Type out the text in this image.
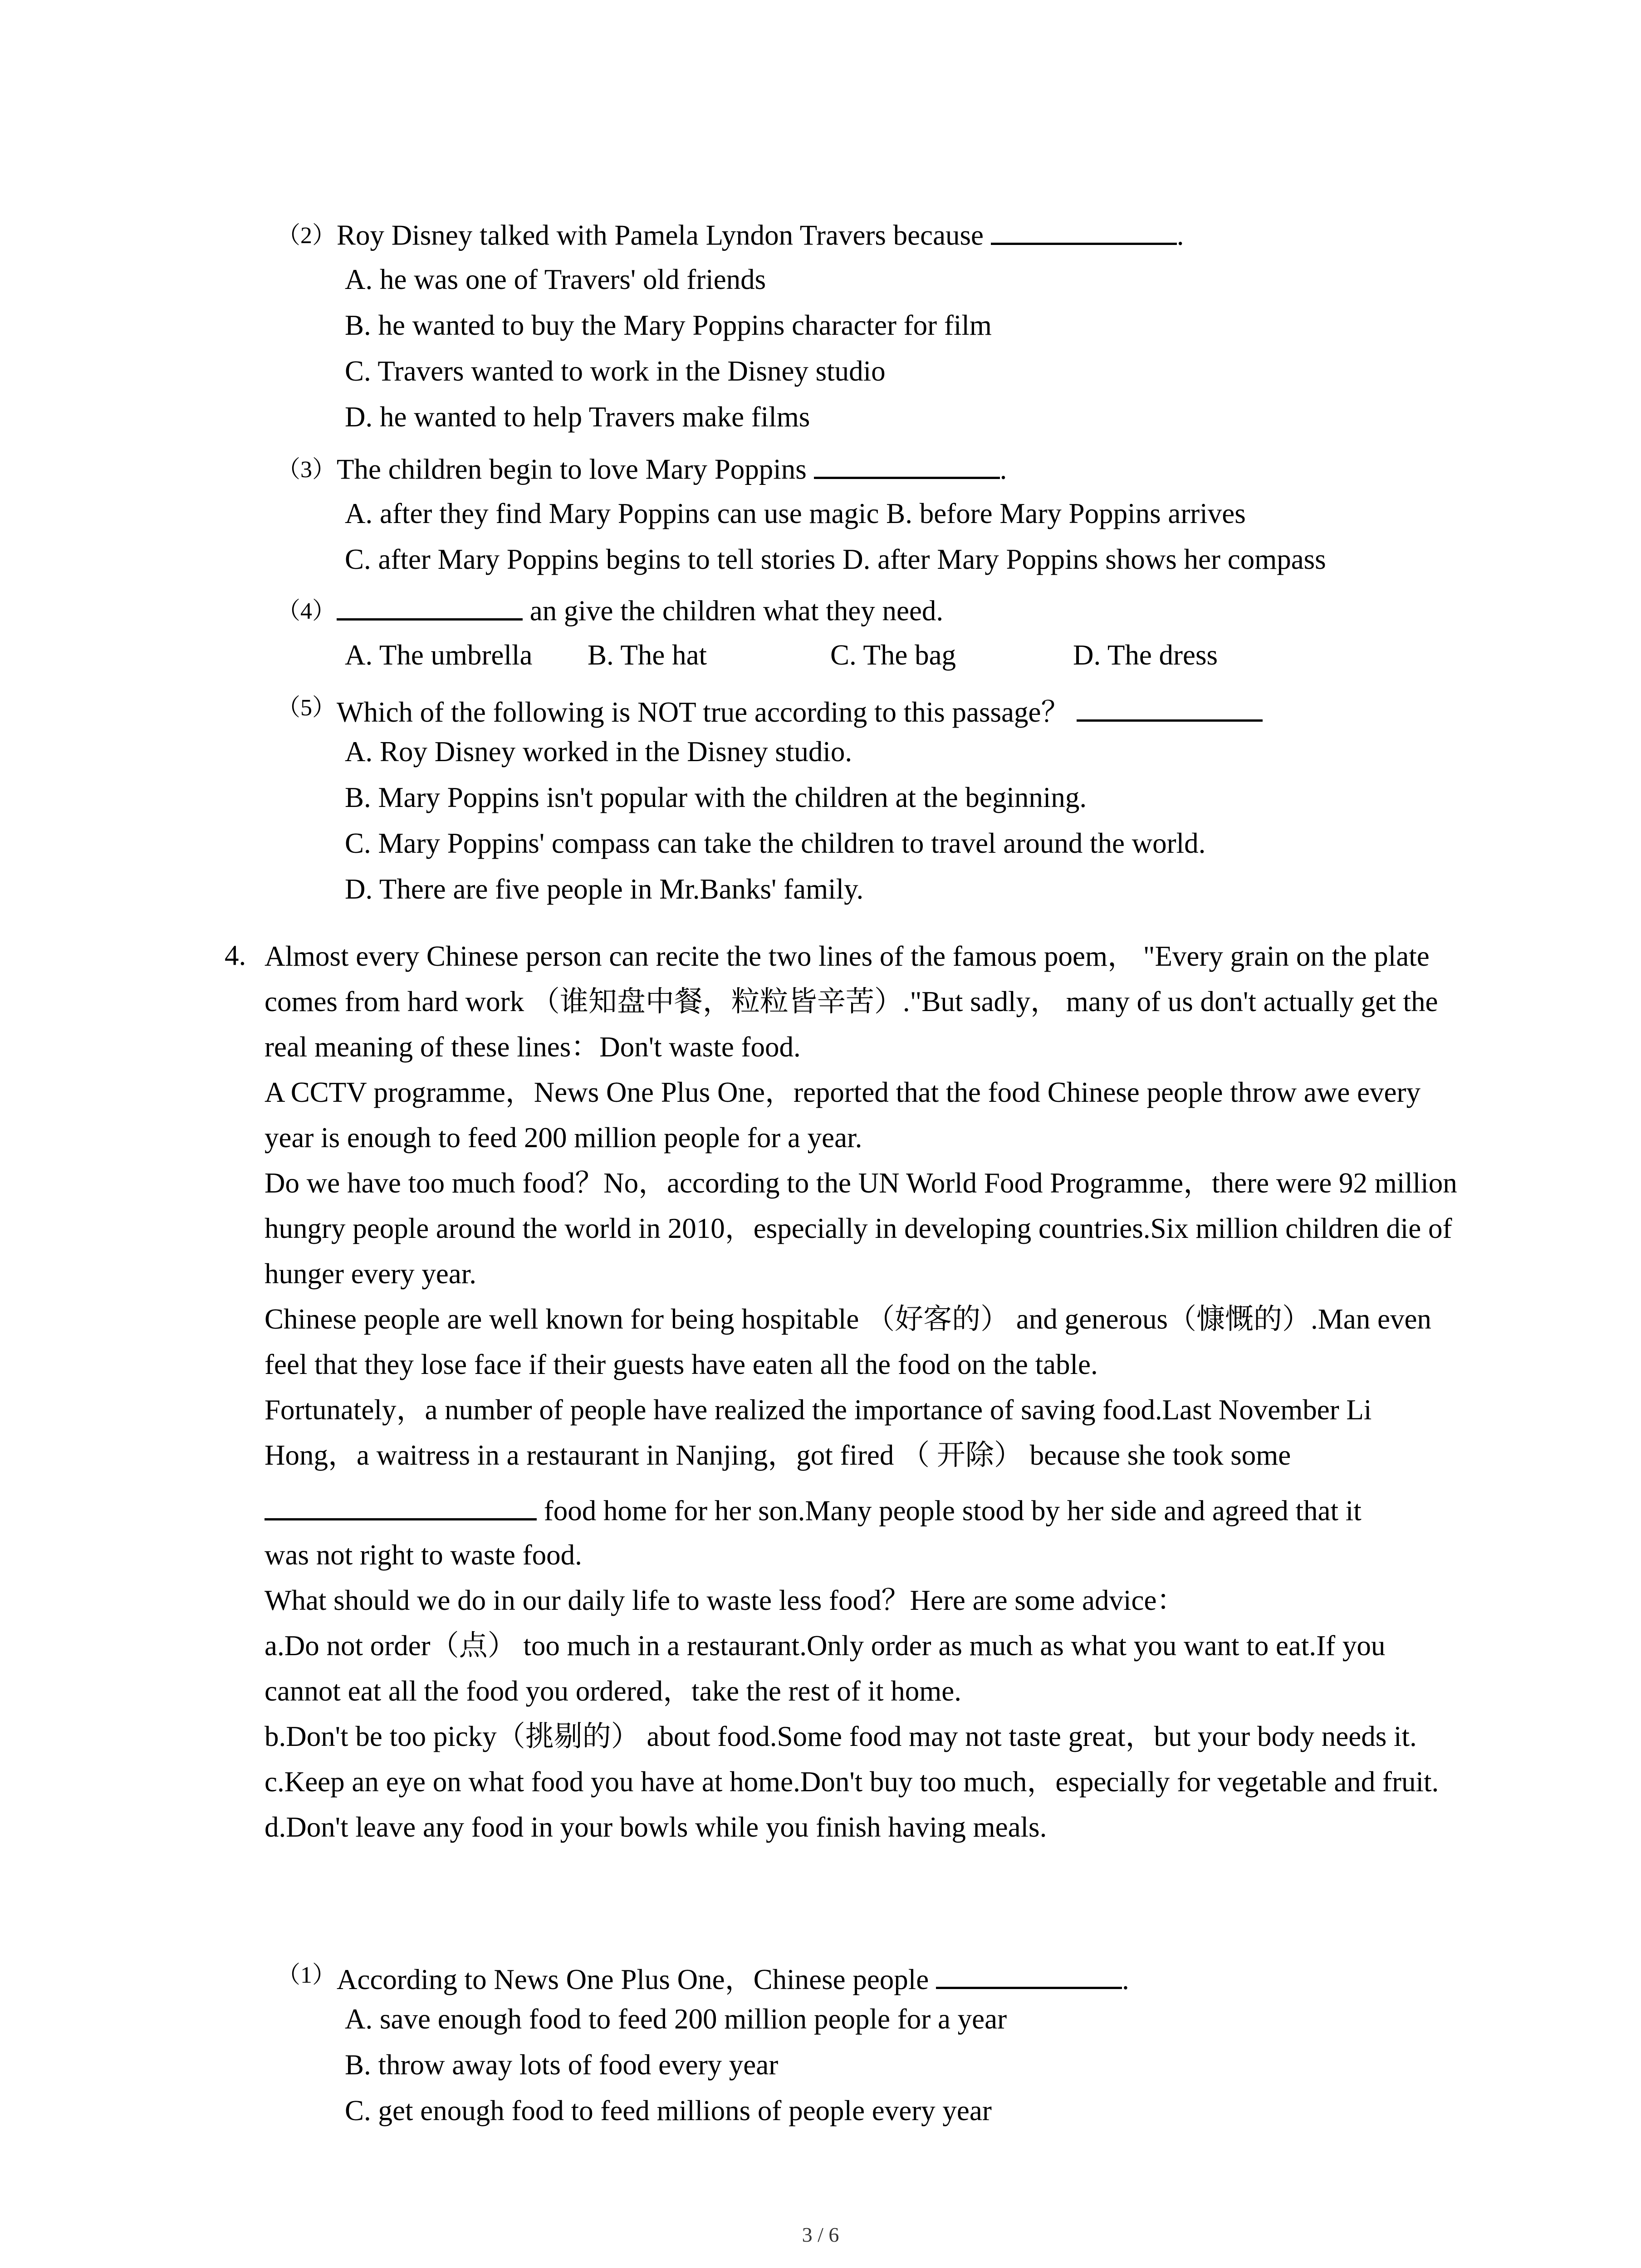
（2） Roy Disney talked with Pamela Lyndon Travers because	.
A. he was one of Travers' old friends
B. he wanted to buy the Mary Poppins character for film
C. Travers wanted to work in the Disney studio
D. he wanted to help Travers make films
（3） The children begin to love Mary Poppins	.
A. after they find Mary Poppins can use magic B. before Mary Poppins arrives
C. after Mary Poppins begins to tell stories D. after Mary Poppins shows her compass
（4）	an give the children what they need.
A. The umbrella B. The hat	C. The bag	D. The dress
（5） Which of the following is NOT true according to this passage？
A. Roy Disney worked in the Disney studio.
B. Mary Poppins isn't popular with the children at the beginning.
C. Mary Poppins' compass can take the children to travel around the world.
D. There are five people in Mr.Banks' family.
4. Almost every Chinese person can recite the two lines of the famous poem， "Every grain on the plate comes from hard work （谁知盘中餐，粒粒皆辛苦）."But sadly， many of us don't actually get the real meaning of these lines：Don't waste food.

A CCTV programme，News One Plus One，reported that the food Chinese people throw awe every year is enough to feed 200 million people for a year.

Do we have too much food？No，according to the UN World Food Programme，there were 92 million hungry people around the world in 2010，especially in developing countries.Six million children die of hunger every year.

Chinese people are well known for being hospitable （好客的） and generous（慷慨的）.Man even feel that they lose face if their guests have eaten all the food on the table.

Fortunately，a number of people have realized the importance of saving food.Last November Li Hong，a waitress in a restaurant in Nanjing，got fired （ 开除） because she took some

food home for her son.Many people stood by her side and agreed that it

was not right to waste food.

What should we do in our daily life to waste less food？Here are some advice：

a.Do not order（点） too much in a restaurant.Only order as much as what you want to eat.If you cannot eat all the food you ordered，take the rest of it home.

b.Don't be too picky（挑剔的） about food.Some food may not taste great，but your body needs it.

c.Keep an eye on what food you have at home.Don't buy too much，especially for vegetable and fruit.

d.Don't leave any food in your bowls while you finish having meals.

（1） According to News One Plus One，Chinese people	.
A. save enough food to feed 200 million people for a year
B. throw away lots of food every year
C. get enough food to feed millions of people every year
3 / 6
